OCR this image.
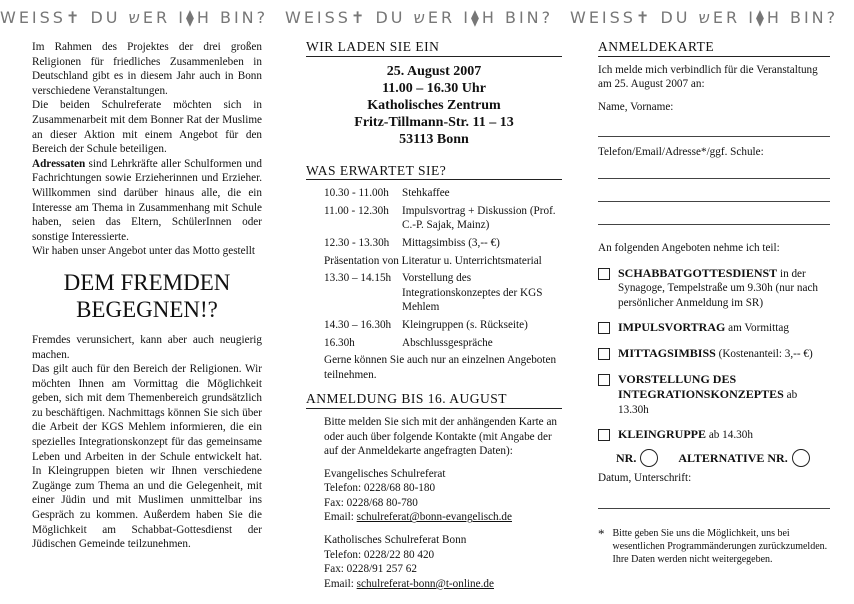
WEISS✝ DU שER I⧫H BIN? WEISS✝ DU שER I⧫H BIN? WEISS✝ DU שER I⧫H BIN?

Im Rahmen des Projektes der drei großen Religionen für friedliches Zusammenleben in Deutschland gibt es in diesem Jahr auch in Bonn verschiedene Veranstaltungen.

Die beiden Schulreferate möchten sich in Zusammenarbeit mit dem Bonner Rat der Muslime an dieser Aktion mit einem Angebot für den Bereich der Schule beteiligen.

Adressaten sind Lehrkräfte aller Schulformen und Fachrichtungen sowie Erzieherinnen und Erzieher. Willkommen sind darüber hinaus alle, die ein Interesse am Thema in Zusammenhang mit Schule haben, seien das Eltern, SchülerInnen oder sonstige Interessierte.

Wir haben unser Angebot unter das Motto gestellt

DEM FREMDEN
BEGEGNEN!?

Fremdes verunsichert, kann aber auch neugierig machen.

Das gilt auch für den Bereich der Religionen. Wir möchten Ihnen am Vormittag die Möglichkeit geben, sich mit dem Themenbereich grundsätzlich zu beschäftigen. Nachmittags können Sie sich über die Arbeit der KGS Mehlem informieren, die ein spezielles Integrationskonzept für das gemeinsame Leben und Arbeiten in der Schule entwickelt hat. In Kleingruppen bieten wir Ihnen verschiedene Zugänge zum Thema an und die Gelegenheit, mit einer Jüdin und mit Muslimen unmittelbar ins Gespräch zu kommen. Außerdem haben Sie die Möglichkeit am Schabbat-Gottesdienst der Jüdischen Gemeinde teilzunehmen.

WIR LADEN SIE EIN
25. August 2007
11.00 – 16.30 Uhr
Katholisches Zentrum
Fritz-Tillmann-Str. 11 – 13
53113 Bonn
WAS ERWARTET SIE?
10.30 - 11.00h	Stehkaffee
11.00 - 12.30h	Impulsvortrag + Diskussion (Prof. C.-P. Sajak, Mainz)
12.30 - 13.30h	Mittagsimbiss (3,-- €)
Präsentation von Literatur u. Unterrichtsmaterial
13.30 – 14.15h Vorstellung des Integrationskonzeptes der KGS Mehlem
14.30 – 16.30h Kleingruppen (s. Rückseite)
16.30h	Abschlussgespräche
Gerne können Sie auch nur an einzelnen Angeboten teilnehmen.
ANMELDUNG BIS 16. AUGUST
Bitte melden Sie sich mit der anhängenden Karte an oder auch über folgende Kontakte (mit Angabe der auf der Anmeldekarte angefragten Daten):
Evangelisches Schulreferat
Telefon: 0228/68 80-180
Fax: 0228/68 80-780
Email: schulreferat@bonn-evangelisch.de
Katholisches Schulreferat Bonn
Telefon: 0228/22 80 420
Fax: 0228/91 257 62
Email: schulreferat-bonn@t-online.de
ANMELDEKARTE

Ich melde mich verbindlich für die Veranstaltung am 25. August 2007 an:

Name, Vorname:

Telefon/Email/Adresse*/ggf. Schule:

An folgenden Angeboten nehme ich teil:

SCHABBATGOTTESDIENST in der Synagoge, Tempelstraße um 9.30h (nur nach persönlicher Anmeldung im SR)
IMPULSVORTRAG am Vormittag
MITTAGSIMBISS (Kostenanteil: 3,-- €)
VORSTELLUNG DES INTEGRATIONSKONZEPTES ab 13.30h
KLEINGRUPPE ab 14.30h
NR.	ALTERNATIVE NR.

Datum, Unterschrift:

* Bitte geben Sie uns die Möglichkeit, uns bei wesentlichen Programmänderungen zurückzumelden. Ihre Daten werden nicht weitergegeben.
